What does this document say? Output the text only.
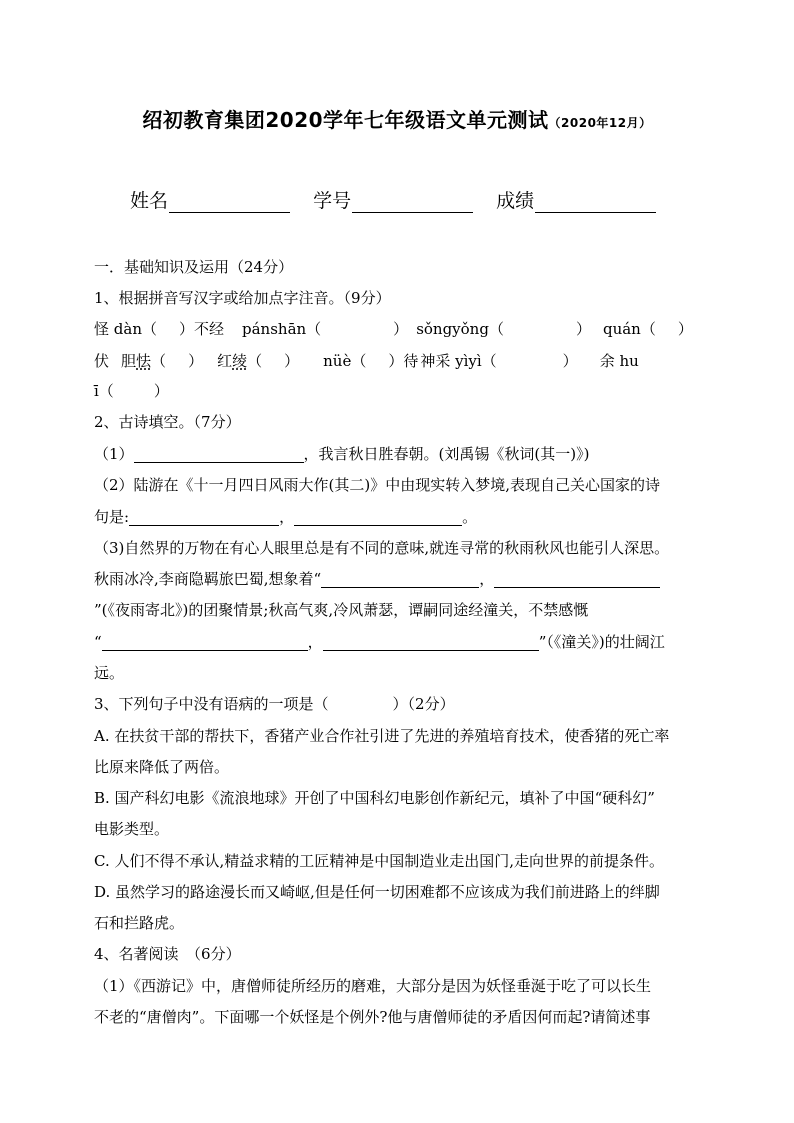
绍初教育集团2020学年七年级语文单元测试（2020年12月）
姓名	学号	成绩
一．基础知识及运用（24分）
1、根据拼音写汉字或给加点字注音。（9分）
怪 dàn（ ）不经 pánshān（	） sǒngyǒng（	） quán（ ）
伏 胆怯（ ） 红绫（ ） nüè（ ）待 神采 yìyì（	） 余 hu
ī（	）
2、古诗填空。（7分）
（1）	，我言秋日胜春朝。(刘禹锡《秋词(其一)》)
（2）陆游在《十一月四日风雨大作(其二)》中由现实转入梦境,表现自己关心国家的诗
句是:	，	。
（3)自然界的万物在有心人眼里总是有不同的意味,就连寻常的秋雨秋风也能引人深思。
秋雨冰冷,李商隐羁旅巴蜀,想象着“	，
”(《夜雨寄北》)的团聚情景;秋高气爽,冷风萧瑟，谭嗣同途经潼关，不禁感慨
“	，	”（《潼关》)的壮阔江
远。
3、下列句子中没有语病的一项是（	）（2分）
A. 在扶贫干部的帮扶下，香猪产业合作社引进了先进的养殖培育技术，使香猪的死亡率
比原来降低了两倍。
B. 国产科幻电影《流浪地球》开创了中国科幻电影创作新纪元，填补了中国“硬科幻”
电影类型。
C. 人们不得不承认,精益求精的工匠精神是中国制造业走出国门,走向世界的前提条件。
D. 虽然学习的路途漫长而又崎岖,但是任何一切困难都不应该成为我们前进路上的绊脚
石和拦路虎。
4、名著阅读　（6分）
（1）《西游记》中，唐僧师徒所经历的磨难，大部分是因为妖怪垂涎于吃了可以长生
不老的“唐僧肉”。下面哪一个妖怪是个例外?他与唐僧师徒的矛盾因何而起?请简述事
